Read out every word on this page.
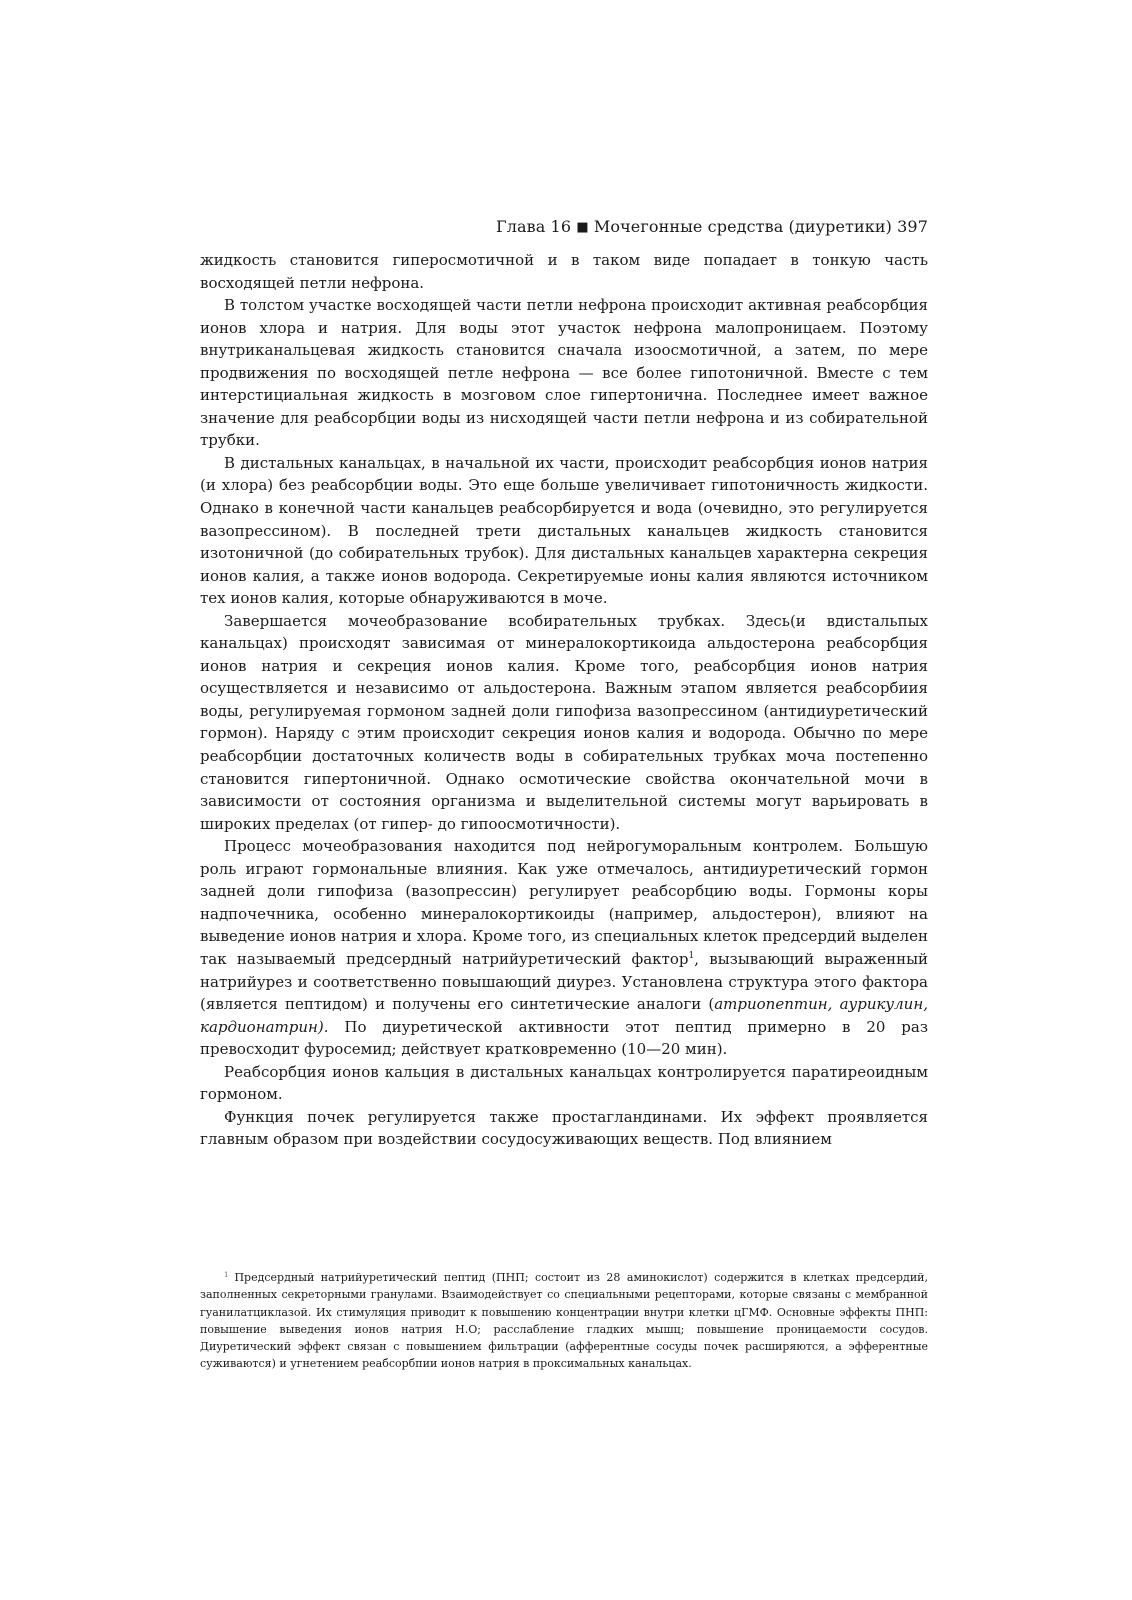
Глава 16 ■ Мочегонные средства (диуретики) 397

жидкость становится гиперосмотичной и в таком виде попадает в тонкую часть восходящей петли нефрона.

В толстом участке восходящей части петли нефрона происходит активная реабсорбция ионов хлора и натрия. Для воды этот участок нефрона малопроницаем. Поэтому внутриканальцевая жидкость становится сначала изоосмотичной, а затем, по мере продвижения по восходящей петле нефрона — все более гипотоничной. Вместе с тем интерстициальная жидкость в мозговом слое гипертонична. Последнее имеет важное значение для реабсорбции воды из нисходящей части петли нефрона и из собирательной трубки.

В дистальных канальцах, в начальной их части, происходит реабсорбция ионов натрия (и хлора) без реабсорбции воды. Это еще больше увеличивает гипотоничность жидкости. Однако в конечной части канальцев реабсорбируется и вода (очевидно, это регулируется вазопрессином). В последней трети дистальных канальцев жидкость становится изотоничной (до собирательных трубок). Для дистальных канальцев характерна секреция ионов калия, а также ионов водорода. Секретируемые ионы калия являются источником тех ионов калия, которые обнаруживаются в моче.

Завершается мочеобразование всобирательных трубках. Здесь(и вдистальпых канальцах) происходят зависимая от минералокортикоида альдостерона реабсорбция ионов натрия и секреция ионов калия. Кроме того, реабсорбция ионов натрия осуществляется и независимо от альдостерона. Важным этапом является реабсорбиия воды, регулируемая гормоном задней доли гипофиза вазопрессином (антидиуретический гормон). Наряду с этим происходит секреция ионов калия и водорода. Обычно по мере реабсорбции достаточных количеств воды в собирательных трубках моча постепенно становится гипертоничной. Однако осмотические свойства окончательной мочи в зависимости от состояния организма и выделительной системы могут варьировать в широких пределах (от гипер- до гипоосмотичности).

Процесс мочеобразования находится под нейрогуморальным контролем. Большую роль играют гормональные влияния. Как уже отмечалось, антидиуретический гормон задней доли гипофиза (вазопрессин) регулирует реабсорбцию воды. Гормоны коры надпочечника, особенно минералокортикоиды (например, альдостерон), влияют на выведение ионов натрия и хлора. Кроме того, из специальных клеток предсердий выделен так называемый предсердный натрийуретический фактор$^1$, вызывающий выраженный натрийурез и соответственно повышающий диурез. Установлена структура этого фактора (является пептидом) и получены его синтетические аналоги (атриопептин, аурикулин, кардионатрин). По диуретической активности этот пептид примерно в 20 раз превосходит фуросемид; действует кратковременно (10—20 мин).

Реабсорбция ионов кальция в дистальных канальцах контролируется паратиреоидным гормоном.

Функция почек регулируется также простагландинами. Их эффект проявляется главным образом при воздействии сосудосуживающих веществ. Под влиянием

$^1$ Предсердный натрийуретический пептид (ПНП; состоит из 28 аминокислот) содержится в клетках предсердий, заполненных секреторными гранулами. Взаимодействует со специальными рецепторами, которые связаны с мембранной гуанилатциклазой. Их стимуляция приводит к повышению концентрации внутри клетки цГМФ. Основные эффекты ПНП: повышение выведения ионов натрия Н.О; расслабление гладких мышц; повышение проницаемости сосудов. Диуретический эффект связан с повышением фильтрации (афферентные сосуды почек расширяются, а эфферентные суживаются) и угнетением реабсорбпии ионов натрия в проксимальных канальцах.
